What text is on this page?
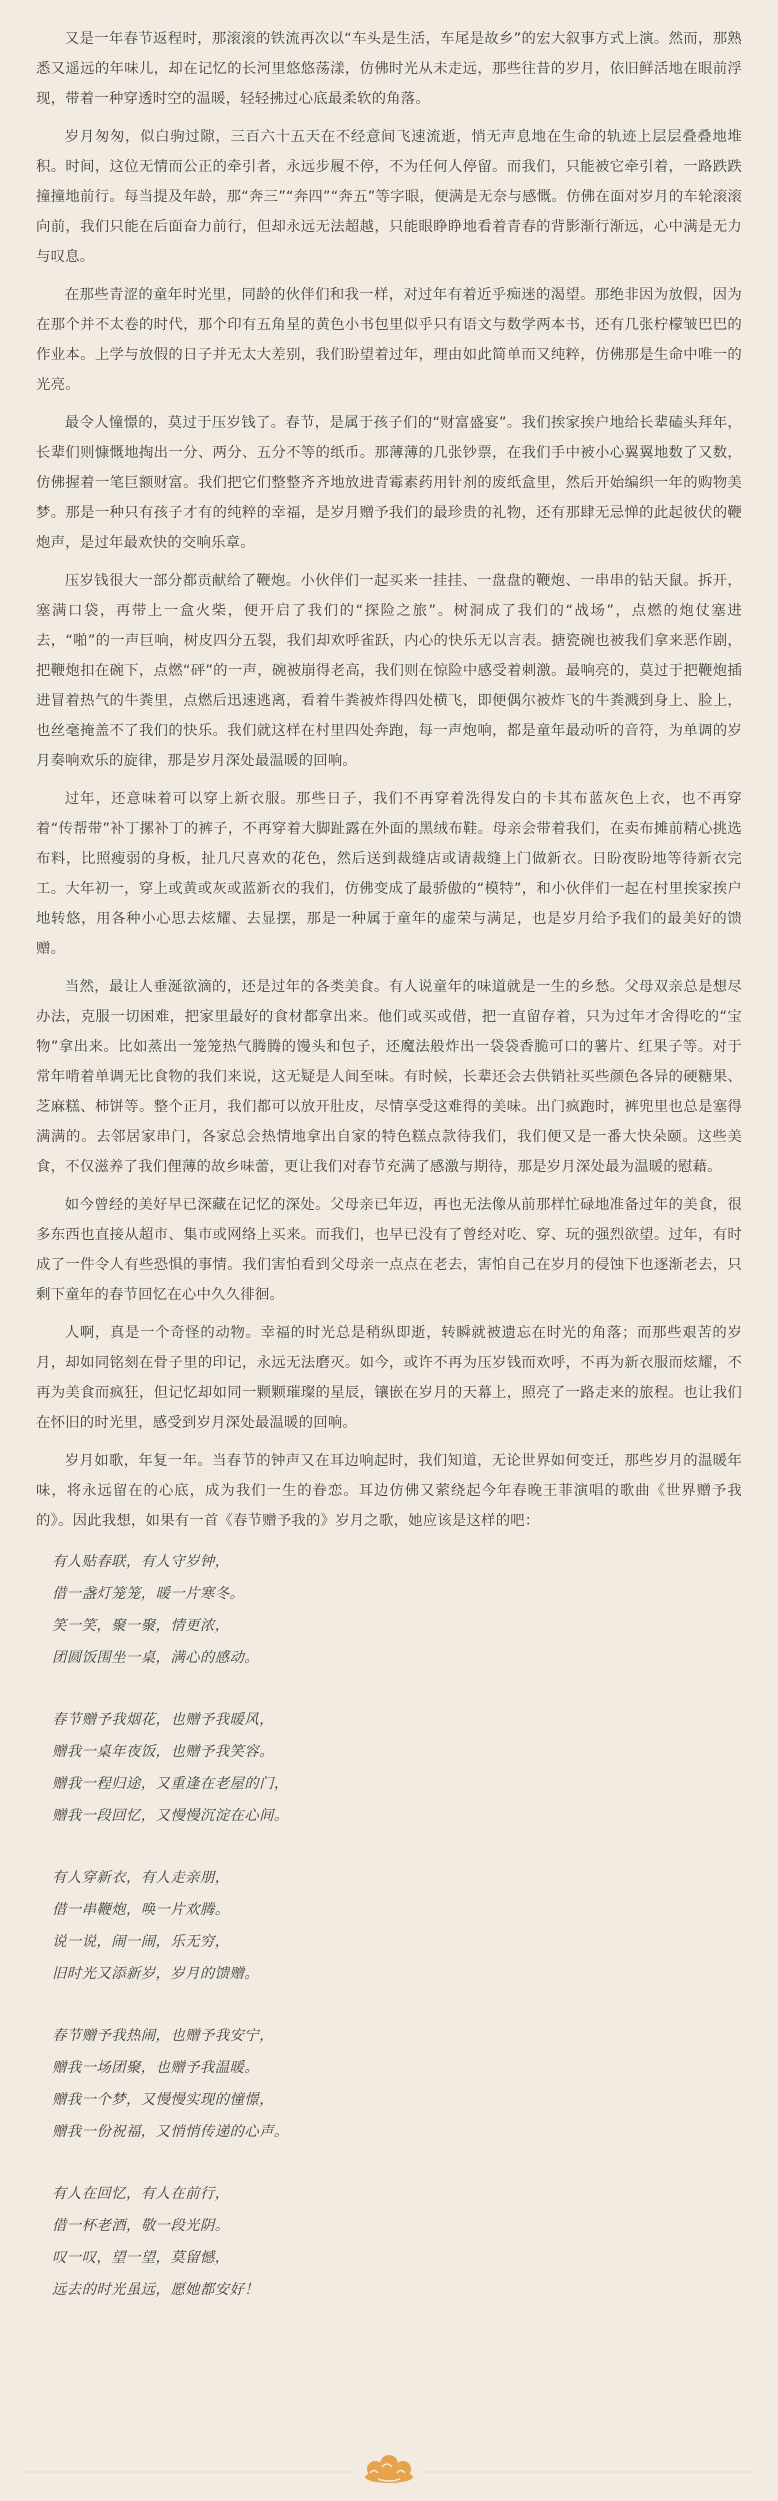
又是一年春节返程时，那滚滚的铁流再次以“车头是生活，车尾是故乡”的宏大叙事方式上演。然而，那熟悉又遥远的年味儿，却在记忆的长河里悠悠荡漾，仿佛时光从未走远，那些往昔的岁月，依旧鲜活地在眼前浮现，带着一种穿透时空的温暖，轻轻拂过心底最柔软的角落。

岁月匆匆，似白驹过隙，三百六十五天在不经意间飞速流逝，悄无声息地在生命的轨迹上层层叠叠地堆积。时间，这位无情而公正的牵引者，永远步履不停，不为任何人停留。而我们，只能被它牵引着，一路跌跌撞撞地前行。每当提及年龄，那“奔三”“奔四”“奔五”等字眼，便满是无奈与感慨。仿佛在面对岁月的车轮滚滚向前，我们只能在后面奋力前行，但却永远无法超越，只能眼睁睁地看着青春的背影渐行渐远，心中满是无力与叹息。

在那些青涩的童年时光里，同龄的伙伴们和我一样，对过年有着近乎痴迷的渴望。那绝非因为放假，因为在那个并不太卷的时代，那个印有五角星的黄色小书包里似乎只有语文与数学两本书，还有几张柠檬皱巴巴的作业本。上学与放假的日子并无太大差别，我们盼望着过年，理由如此简单而又纯粹，仿佛那是生命中唯一的光亮。

最令人憧憬的，莫过于压岁钱了。春节，是属于孩子们的“财富盛宴”。我们挨家挨户地给长辈磕头拜年，长辈们则慷慨地掏出一分、两分、五分不等的纸币。那薄薄的几张钞票，在我们手中被小心翼翼地数了又数，仿佛握着一笔巨额财富。我们把它们整整齐齐地放进青霉素药用针剂的废纸盒里，然后开始编织一年的购物美梦。那是一种只有孩子才有的纯粹的幸福，是岁月赠予我们的最珍贵的礼物，还有那肆无忌惮的此起彼伏的鞭炮声，是过年最欢快的交响乐章。

压岁钱很大一部分都贡献给了鞭炮。小伙伴们一起买来一挂挂、一盘盘的鞭炮、一串串的钻天鼠。拆开，塞满口袋，再带上一盒火柴，便开启了我们的“探险之旅”。树洞成了我们的“战场”，点燃的炮仗塞进去，“啪”的一声巨响，树皮四分五裂，我们却欢呼雀跃，内心的快乐无以言表。搪瓷碗也被我们拿来恶作剧，把鞭炮扣在碗下，点燃“砰”的一声，碗被崩得老高，我们则在惊险中感受着刺激。最响亮的，莫过于把鞭炮插进冒着热气的牛粪里，点燃后迅速逃离，看着牛粪被炸得四处横飞，即便偶尔被炸飞的牛粪溅到身上、脸上，也丝毫掩盖不了我们的快乐。我们就这样在村里四处奔跑，每一声炮响，都是童年最动听的音符，为单调的岁月奏响欢乐的旋律，那是岁月深处最温暖的回响。

过年，还意味着可以穿上新衣服。那些日子，我们不再穿着洗得发白的卡其布蓝灰色上衣，也不再穿着“传帮带”补丁摞补丁的裤子，不再穿着大脚趾露在外面的黑绒布鞋。母亲会带着我们，在卖布摊前精心挑选布料，比照瘦弱的身板，扯几尺喜欢的花色，然后送到裁缝店或请裁缝上门做新衣。日盼夜盼地等待新衣完工。大年初一，穿上或黄或灰或蓝新衣的我们，仿佛变成了最骄傲的“模特”，和小伙伴们一起在村里挨家挨户地转悠，用各种小心思去炫耀、去显摆，那是一种属于童年的虚荣与满足，也是岁月给予我们的最美好的馈赠。

当然，最让人垂涎欲滴的，还是过年的各类美食。有人说童年的味道就是一生的乡愁。父母双亲总是想尽办法，克服一切困难，把家里最好的食材都拿出来。他们或买或借，把一直留存着，只为过年才舍得吃的“宝物”拿出来。比如蒸出一笼笼热气腾腾的馒头和包子，还魔法般炸出一袋袋香脆可口的薯片、红果子等。对于常年啃着单调无比食物的我们来说，这无疑是人间至味。有时候，长辈还会去供销社买些颜色各异的硬糖果、芝麻糕、柿饼等。整个正月，我们都可以放开肚皮，尽情享受这难得的美味。出门疯跑时，裤兜里也总是塞得满满的。去邻居家串门，各家总会热情地拿出自家的特色糕点款待我们，我们便又是一番大快朵颐。这些美食，不仅滋养了我们俚薄的故乡味蕾，更让我们对春节充满了感激与期待，那是岁月深处最为温暖的慰藉。

如今曾经的美好早已深藏在记忆的深处。父母亲已年迈，再也无法像从前那样忙碌地准备过年的美食，很多东西也直接从超市、集市或网络上买来。而我们，也早已没有了曾经对吃、穿、玩的强烈欲望。过年，有时成了一件令人有些恐惧的事情。我们害怕看到父母亲一点点在老去，害怕自己在岁月的侵蚀下也逐渐老去，只剩下童年的春节回忆在心中久久徘徊。

人啊，真是一个奇怪的动物。幸福的时光总是稍纵即逝，转瞬就被遗忘在时光的角落；而那些艰苦的岁月，却如同铭刻在骨子里的印记，永远无法磨灭。如今，或许不再为压岁钱而欢呼，不再为新衣服而炫耀，不再为美食而疯狂，但记忆却如同一颗颗璀璨的星辰，镶嵌在岁月的天幕上，照亮了一路走来的旅程。也让我们在怀旧的时光里，感受到岁月深处最温暖的回响。

岁月如歌，年复一年。当春节的钟声又在耳边响起时，我们知道，无论世界如何变迁，那些岁月的温暖年味，将永远留在的心底，成为我们一生的眷恋。耳边仿佛又萦绕起今年春晚王菲演唱的歌曲《世界赠予我的》。因此我想，如果有一首《春节赠予我的》岁月之歌，她应该是这样的吧：

有人贴春联，有人守岁钟，

借一盏灯笼笼，暖一片寒冬。

笑一笑，聚一聚，情更浓，

团圆饭围坐一桌，满心的感动。

春节赠予我烟花，也赠予我暖风，

赠我一桌年夜饭，也赠予我笑容。

赠我一程归途，又重逢在老屋的门，

赠我一段回忆，又慢慢沉淀在心间。

有人穿新衣，有人走亲朋，

借一串鞭炮，唤一片欢腾。

说一说，闹一闹，乐无穷，

旧时光又添新岁，岁月的馈赠。

春节赠予我热闹，也赠予我安宁，

赠我一场团聚，也赠予我温暖。

赠我一个梦，又慢慢实现的憧憬，

赠我一份祝福，又悄悄传递的心声。

有人在回忆，有人在前行，

借一杯老酒，敬一段光阴。

叹一叹，望一望，莫留憾，

远去的时光虽远，愿她都安好！
